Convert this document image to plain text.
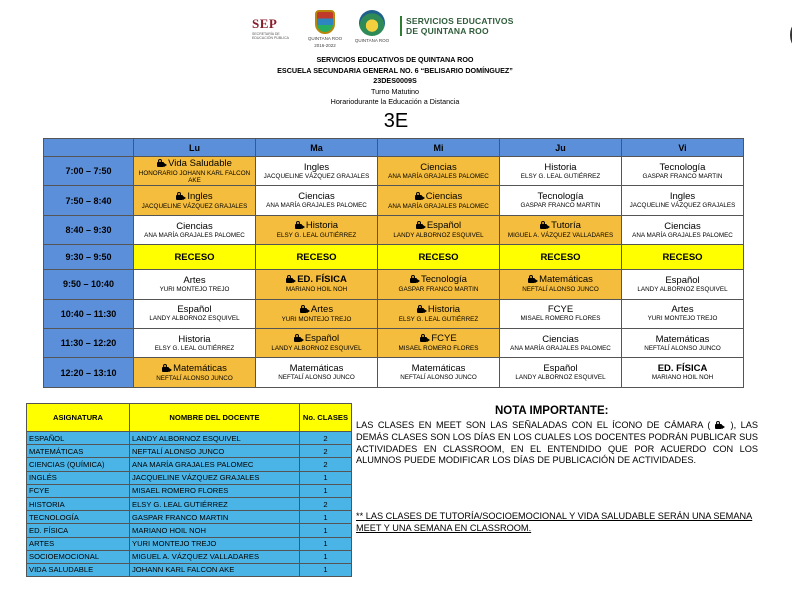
SEP
SECRETARÍA DE EDUCACIÓN PÚBLICA	QUINTANA ROO
2016-2022
QUINTANA ROO
SERVICIOS EDUCATIVOS
DE QUINTANA ROO
SERVICIOS EDUCATIVOS DE QUINTANA ROO
ESCUELA SECUNDARIA GENERAL NO. 6 “BELISARIO DOMÍNGUEZ”
23DES0009S
Turno Matutino
Horariodurante la Educación a Distancia
3E
	Lu	Ma	Mi	Ju	Vi
7:00 – 7:50	Vida Saludable
HONORARIO JOHANN KARL FALCON AKE	Ingles
JACQUELINE VÁZQUEZ GRAJALES	Ciencias
ANA MARÍA GRAJALES PALOMEC	Historia
ELSY G. LEAL GUTIÉRREZ	Tecnología
GASPAR FRANCO MARTIN

7:50 – 8:40	Ingles
JACQUELINE VÁZQUEZ GRAJALES	Ciencias
ANA MARÍA GRAJALES PALOMEC	Ciencias
ANA MARÍA GRAJALES PALOMEC	Tecnología
GASPAR FRANCO MARTIN	Ingles
JACQUELINE VÁZQUEZ GRAJALES

8:40 – 9:30	Ciencias
ANA MARÍA GRAJALES PALOMEC	Historia
ELSY G. LEAL GUTIÉRREZ	Español
LANDY ALBORNOZ ESQUIVEL	Tutoría
MIGUEL A. VÁZQUEZ VALLADARES	Ciencias
ANA MARÍA GRAJALES PALOMEC

9:30 – 9:50	RECESO	RECESO	RECESO	RECESO	RECESO
9:50 – 10:40	Artes
YURI MONTEJO TREJO	ED. FÍSICA
MARIANO HOIL NOH	Tecnología
GASPAR FRANCO MARTIN	Matemáticas
NEFTALÍ ALONSO JUNCO	Español
LANDY ALBORNOZ ESQUIVEL

10:40 – 11:30	Español
LANDY ALBORNOZ ESQUIVEL	Artes
YURI MONTEJO TREJO	Historia
ELSY G. LEAL GUTIÉRREZ	FCYE
MISAEL ROMERO FLORES	Artes
YURI MONTEJO TREJO

11:30 – 12:20	Historia
ELSY G. LEAL GUTIÉRREZ	Español
LANDY ALBORNOZ ESQUIVEL	FCYE
MISAEL ROMERO FLORES	Ciencias
ANA MARÍA GRAJALES PALOMEC	Matemáticas
NEFTALÍ ALONSO JUNCO

12:20 – 13:10	Matemáticas
NEFTALÍ ALONSO JUNCO	Matemáticas
NEFTALÍ ALONSO JUNCO	Matemáticas
NEFTALÍ ALONSO JUNCO	Español
LANDY ALBORNOZ ESQUIVEL	ED. FÍSICA
MARIANO HOIL NOH
ASIGNATURA	NOMBRE DEL DOCENTE	No. CLASES
ESPAÑOL	LANDY ALBORNOZ ESQUIVEL	2
MATEMÁTICAS	NEFTALÍ ALONSO JUNCO	2
CIENCIAS (QUÍMICA)	ANA MARÍA GRAJALES PALOMEC	2
INGLÉS	JACQUELINE VÁZQUEZ GRAJALES	1
FCYE	MISAEL ROMERO FLORES	1
HISTORIA	ELSY G. LEAL GUTIÉRREZ	2
TECNOLOGÍA	GASPAR FRANCO MARTIN	1
ED. FÍSICA	MARIANO HOIL NOH	1
ARTES	YURI MONTEJO TREJO	1
SOCIOEMOCIONAL	MIGUEL A. VÁZQUEZ VALLADARES	1
VIDA SALUDABLE	JOHANN KARL FALCON AKE	1
NOTA IMPORTANTE:
LAS CLASES EN MEET SON LAS SEÑALADAS CON EL ÍCONO DE CÁMARA ( ), LAS DEMÁS CLASES SON LOS DÍAS EN LOS CUALES LOS DOCENTES PODRÁN PUBLICAR SUS ACTIVIDADES EN CLASSROOM, EN EL ENTENDIDO QUE POR ACUERDO CON LOS ALUMNOS PUEDE MODIFICAR LOS DÍAS DE PUBLICACIÓN DE ACTIVIDADES.
** LAS CLASES DE TUTORÍA/SOCIOEMOCIONAL Y VIDA SALUDABLE SERÁN UNA SEMANA MEET Y UNA SEMANA EN CLASSROOM.
